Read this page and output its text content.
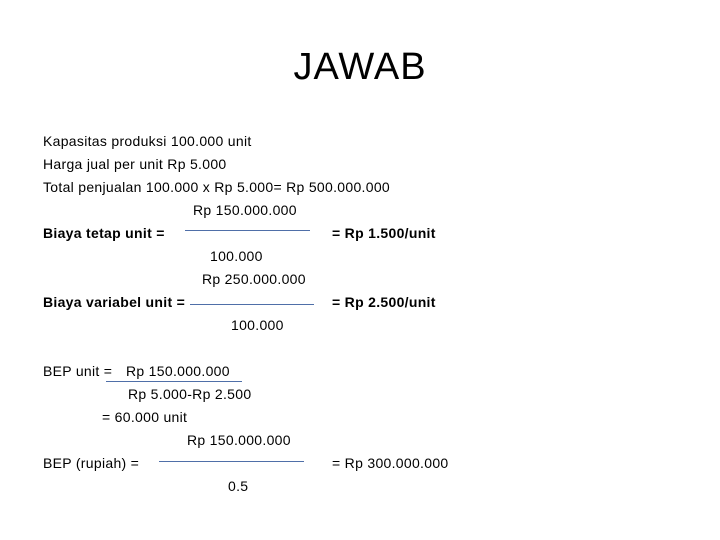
JAWAB
Kapasitas produksi 100.000 unit
Harga jual per unit Rp 5.000
Total penjualan 100.000 x Rp 5.000= Rp 500.000.000
Rp 150.000.000
Biaya tetap unit =	= Rp 1.500/unit
100.000
Rp 250.000.000
Biaya variabel unit =	= Rp 2.500/unit
100.000
BEP unit = Rp 150.000.000
Rp 5.000-Rp 2.500
= 60.000 unit
Rp 150.000.000
BEP (rupiah) =	= Rp 300.000.000
0.5
